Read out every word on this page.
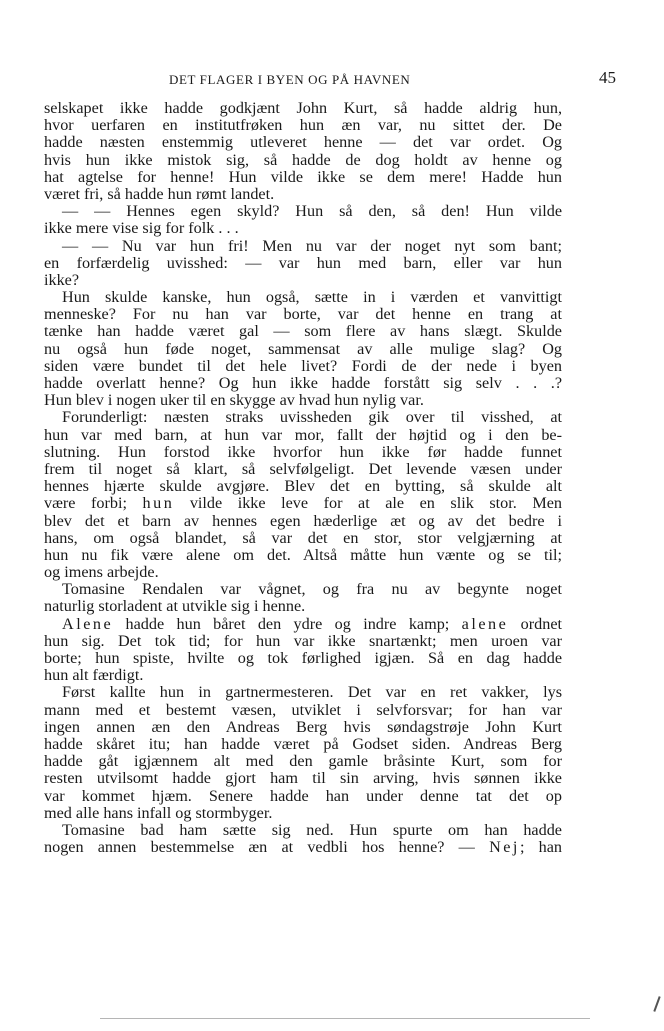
DET FLAGER I BYEN OG PÅ HAVNEN	45
selskapet ikke hadde godkjænt John Kurt, så hadde aldrig hun,
hvor uerfaren en institutfrøken hun æn var, nu sittet der. De
hadde næsten enstemmig utleveret henne — det var ordet. Og
hvis hun ikke mistok sig, så hadde de dog holdt av henne og
hat agtelse for henne! Hun vilde ikke se dem mere! Hadde hun
været fri, så hadde hun rømt landet.
— — Hennes egen skyld? Hun så den, så den! Hun vilde
ikke mere vise sig for folk . . .
— — Nu var hun fri! Men nu var der noget nyt som bant;
en forfærdelig uvisshed: — var hun med barn, eller var hun
ikke?
Hun skulde kanske, hun også, sætte in i værden et vanvittigt
menneske? For nu han var borte, var det henne en trang at
tænke han hadde været gal — som flere av hans slægt. Skulde
nu også hun føde noget, sammensat av alle mulige slag? Og
siden være bundet til det hele livet? Fordi de der nede i byen
hadde overlatt henne? Og hun ikke hadde forstått sig selv . . .?
Hun blev i nogen uker til en skygge av hvad hun nylig var.
Forunderligt: næsten straks uvissheden gik over til visshed, at
hun var med barn, at hun var mor, fallt der højtid og i den be-
slutning. Hun forstod ikke hvorfor hun ikke før hadde funnet
frem til noget så klart, så selvfølgeligt. Det levende væsen under
hennes hjærte skulde avgjøre. Blev det en bytting, så skulde alt
være forbi; hun vilde ikke leve for at ale en slik stor. Men
blev det et barn av hennes egen hæderlige æt og av det bedre i
hans, om også blandet, så var det en stor, stor velgjærning at
hun nu fik være alene om det. Altså måtte hun vænte og se til;
og imens arbejde.
Tomasine Rendalen var vågnet, og fra nu av begynte noget
naturlig storladent at utvikle sig i henne.
Alene hadde hun båret den ydre og indre kamp; alene ordnet
hun sig. Det tok tid; for hun var ikke snartænkt; men uroen var
borte; hun spiste, hvilte og tok førlighed igjæn. Så en dag hadde
hun alt færdigt.
Først kallte hun in gartnermesteren. Det var en ret vakker, lys
mann med et bestemt væsen, utviklet i selvforsvar; for han var
ingen annen æn den Andreas Berg hvis søndagstrøje John Kurt
hadde skåret itu; han hadde været på Godset siden. Andreas Berg
hadde gåt igjænnem alt med den gamle bråsinte Kurt, som for
resten utvilsomt hadde gjort ham til sin arving, hvis sønnen ikke
var kommet hjæm. Senere hadde han under denne tat det op
med alle hans infall og stormbyger.
Tomasine bad ham sætte sig ned. Hun spurte om han hadde
nogen annen bestemmelse æn at vedbli hos henne? — Nej; han
